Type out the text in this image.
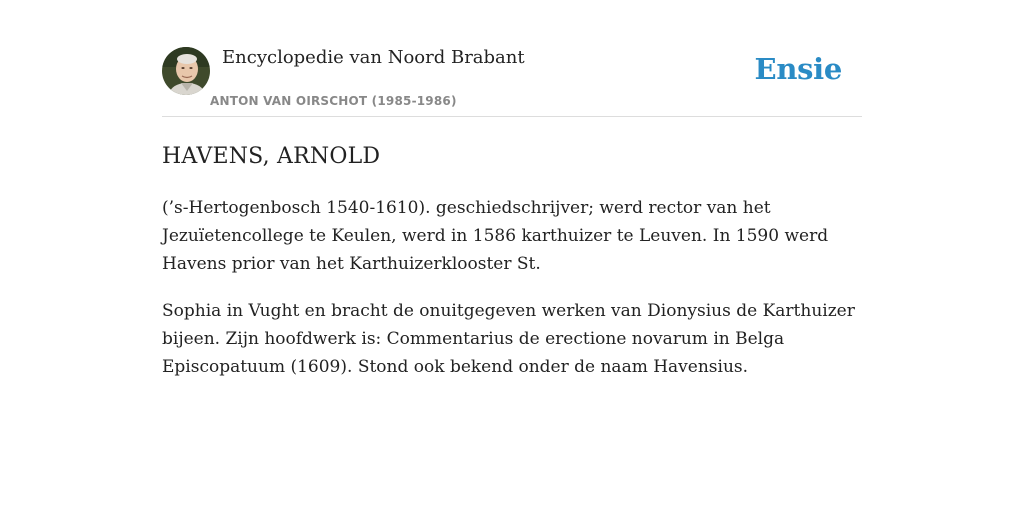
Encyclopedie van Noord Brabant
ANTON VAN OIRSCHOT (1985-1986)
Ensie
HAVENS, ARNOLD

(’s-Hertogenbosch 1540-1610). geschiedschrijver; werd rector van het Jezuïetencollege te Keulen, werd in 1586 karthuizer te Leuven. In 1590 werd Havens prior van het Karthuizerklooster St.

Sophia in Vught en bracht de onuitgegeven werken van Dionysius de Karthuizer bijeen. Zijn hoofdwerk is: Commentarius de erectione novarum in Belga Episcopatuum (1609). Stond ook bekend onder de naam Havensius.
